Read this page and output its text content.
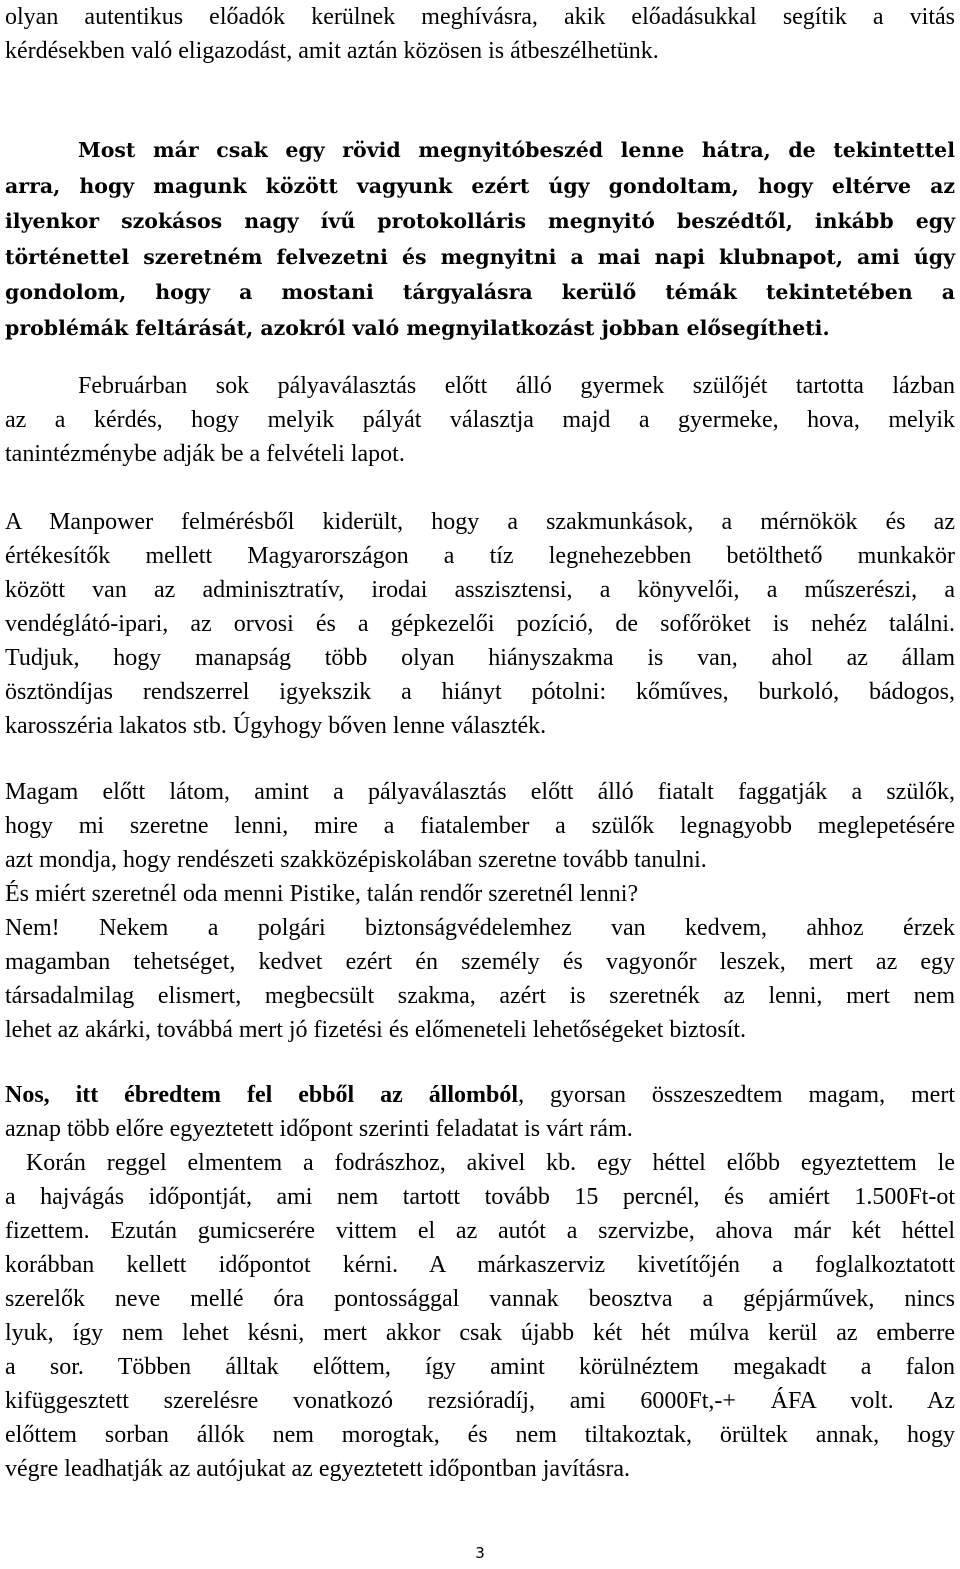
olyan autentikus előadók kerülnek meghívásra, akik előadásukkal segítik a vitás
kérdésekben való eligazodást, amit aztán közösen is átbeszélhetünk.
Most már csak egy rövid megnyitóbeszéd lenne hátra, de tekintettel
arra, hogy magunk között vagyunk ezért úgy gondoltam, hogy eltérve az
ilyenkor szokásos nagy ívű protokolláris megnyitó beszédtől, inkább egy
történettel szeretném felvezetni és megnyitni a mai napi klubnapot, ami úgy
gondolom, hogy a mostani tárgyalásra kerülő témák tekintetében a
problémák feltárását, azokról való megnyilatkozást jobban elősegítheti.
Februárban sok pályaválasztás előtt álló gyermek szülőjét tartotta lázban
az a kérdés, hogy melyik pályát választja majd a gyermeke, hova, melyik
tanintézménybe adják be a felvételi lapot.
A Manpower felmérésből kiderült, hogy a szakmunkások, a mérnökök és az
értékesítők mellett Magyarországon a tíz legnehezebben betölthető munkakör
között van az adminisztratív, irodai asszisztensi, a könyvelői, a műszerészi, a
vendéglátó-ipari, az orvosi és a gépkezelői pozíció, de sofőröket is nehéz találni.
Tudjuk, hogy manapság több olyan hiányszakma is van, ahol az állam
ösztöndíjas rendszerrel igyekszik a hiányt pótolni: kőműves, burkoló, bádogos,
karosszéria lakatos stb. Úgyhogy bőven lenne választék.
Magam előtt látom, amint a pályaválasztás előtt álló fiatalt faggatják a szülők,
hogy mi szeretne lenni, mire a fiatalember a szülők legnagyobb meglepetésére
azt mondja, hogy rendészeti szakközépiskolában szeretne tovább tanulni.
És miért szeretnél oda menni Pistike, talán rendőr szeretnél lenni?
Nem! Nekem a polgári biztonságvédelemhez van kedvem, ahhoz érzek
magamban tehetséget, kedvet ezért én személy és vagyonőr leszek, mert az egy
társadalmilag elismert, megbecsült szakma, azért is szeretnék az lenni, mert nem
lehet az akárki, továbbá mert jó fizetési és előmeneteli lehetőségeket biztosít.
Nos, itt ébredtem fel ebből az állomból, gyorsan összeszedtem magam, mert
aznap több előre egyeztetett időpont szerinti feladatat is várt rám.
Korán reggel elmentem a fodrászhoz, akivel kb. egy héttel előbb egyeztettem le
a hajvágás időpontját, ami nem tartott tovább 15 percnél, és amiért 1.500Ft-ot
fizettem. Ezután gumicserére vittem el az autót a szervizbe, ahova már két héttel
korábban kellett időpontot kérni. A márkaszerviz kivetítőjén a foglalkoztatott
szerelők neve mellé óra pontossággal vannak beosztva a gépjárművek, nincs
lyuk, így nem lehet késni, mert akkor csak újabb két hét múlva kerül az emberre
a sor. Többen álltak előttem, így amint körülnéztem megakadt a falon
kifüggesztett szerelésre vonatkozó rezsióradíj, ami 6000Ft,-+ ÁFA volt. Az
előttem sorban állók nem morogtak, és nem tiltakoztak, örültek annak, hogy
végre leadhatják az autójukat az egyeztetett időpontban javításra.
3
